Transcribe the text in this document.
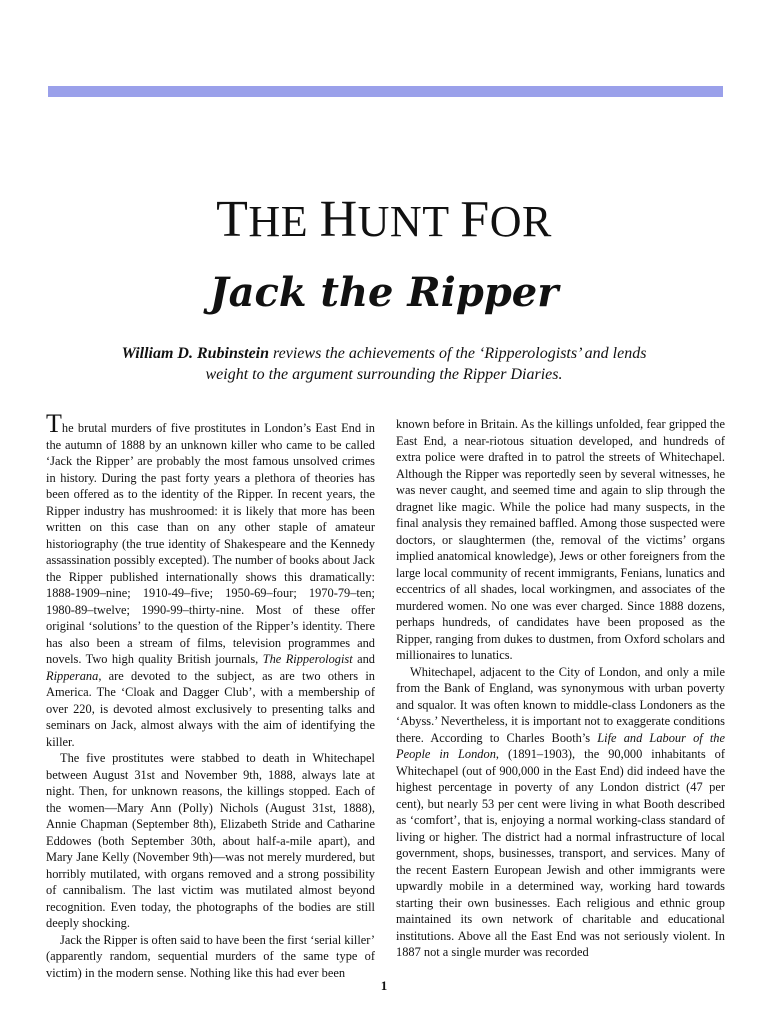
THE HUNT FOR
Jack the Ripper
William D. Rubinstein reviews the achievements of the ‘Ripperologists’ and lends weight to the argument surrounding the Ripper Diaries.

The brutal murders of five prostitutes in London’s East End in the autumn of 1888 by an unknown killer who came to be called ‘Jack the Ripper’ are probably the most famous unsolved crimes in history. During the past forty years a plethora of theories has been offered as to the identity of the Ripper. In recent years, the Ripper industry has mushroomed: it is likely that more has been written on this case than on any other staple of amateur historiography (the true identity of Shakespeare and the Kennedy assassination possibly excepted). The number of books about Jack the Ripper published internationally shows this dramatically: 1888-1909–nine; 1910-49–five; 1950-69–four; 1970-79–ten; 1980-89–twelve; 1990-99–thirty-nine. Most of these offer original ‘solutions’ to the question of the Ripper’s identity. There has also been a stream of films, television programmes and novels. Two high quality British journals, The Ripperologist and Ripperana, are devoted to the subject, as are two others in America. The ‘Cloak and Dagger Club’, with a membership of over 220, is devoted almost exclusively to presenting talks and seminars on Jack, almost always with the aim of identifying the killer.

The five prostitutes were stabbed to death in Whitechapel between August 31st and November 9th, 1888, always late at night. Then, for unknown reasons, the killings stopped. Each of the women—Mary Ann (Polly) Nichols (August 31st, 1888), Annie Chapman (September 8th), Elizabeth Stride and Catharine Eddowes (both September 30th, about half-a-mile apart), and Mary Jane Kelly (November 9th)—was not merely murdered, but horribly mutilated, with organs removed and a strong possibility of cannibalism. The last victim was mutilated almost beyond recognition. Even today, the photographs of the bodies are still deeply shocking.

Jack the Ripper is often said to have been the first ‘serial killer’ (apparently random, sequential murders of the same type of victim) in the modern sense. Nothing like this had ever been

known before in Britain. As the killings unfolded, fear gripped the East End, a near-riotous situation developed, and hundreds of extra police were drafted in to patrol the streets of Whitechapel. Although the Ripper was reportedly seen by several witnesses, he was never caught, and seemed time and again to slip through the dragnet like magic. While the police had many suspects, in the final analysis they remained baffled. Among those suspected were doctors, or slaughtermen (the, removal of the victims’ organs implied anatomical knowledge), Jews or other foreigners from the large local community of recent immigrants, Fenians, lunatics and eccentrics of all shades, local workingmen, and associates of the murdered women. No one was ever charged. Since 1888 dozens, perhaps hundreds, of candidates have been proposed as the Ripper, ranging from dukes to dustmen, from Oxford scholars and millionaires to lunatics.

Whitechapel, adjacent to the City of London, and only a mile from the Bank of England, was synonymous with urban poverty and squalor. It was often known to middle-class Londoners as the ‘Abyss.’ Nevertheless, it is important not to exaggerate conditions there. According to Charles Booth’s Life and Labour of the People in London, (1891–1903), the 90,000 inhabitants of Whitechapel (out of 900,000 in the East End) did indeed have the highest percentage in poverty of any London district (47 per cent), but nearly 53 per cent were living in what Booth described as ‘comfort’, that is, enjoying a normal working-class standard of living or higher. The district had a normal infrastructure of local government, shops, businesses, transport, and services. Many of the recent Eastern European Jewish and other immigrants were upwardly mobile in a determined way, working hard towards starting their own businesses. Each religious and ethnic group maintained its own network of charitable and educational institutions. Above all the East End was not seriously violent. In 1887 not a single murder was recorded

1
